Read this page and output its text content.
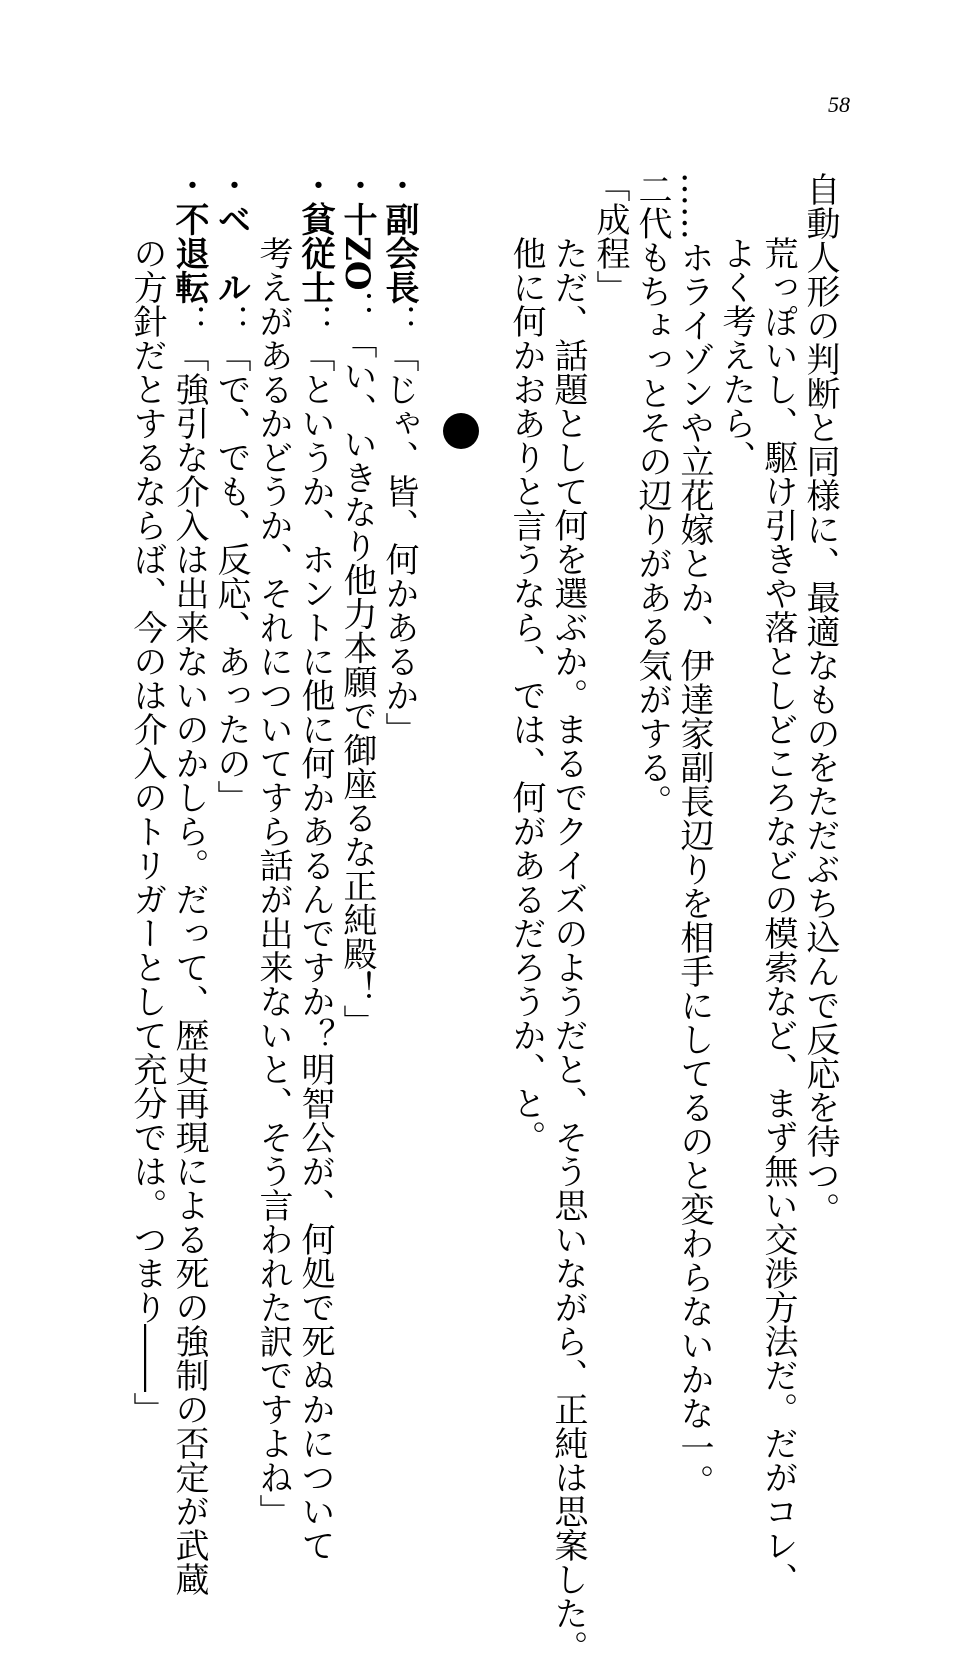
58
自動人形の判断と同様に、最適なものをただぶち込んで反応を待つ。
荒っぽいし、駆け引きや落としどころなどの模索など、まず無い交渉方法だ。だがコレ、
よく考えたら、
……ホライゾンや立花嫁とか、伊達家副長辺りを相手にしてるのと変わらないかな一。
二代もちょっとその辺りがある気がする。
「成程」
ただ、話題として何を選ぶか。まるでクイズのようだと、そう思いながら、正純は思案した。
他に何かおありと言うなら、では、何があるだろうか、と。
・副会長：「じゃ、皆、何かあるか」
・十ZO：「い、いきなり他力本願で御座るな正純殿！」
・貧従士：「というか、ホントに他に何かあるんですか？明智公が、何処で死ぬかについて
考えがあるかどうか、それについてすら話が出来ないと、そう言われた訳ですよね」
・ベ　ル：「で、でも、反応、あったの」
・不退転：「強引な介入は出来ないのかしら。だって、歴史再現による死の強制の否定が武蔵
の方針だとするならば、今のは介入のトリガーとして充分では。つまり――」
